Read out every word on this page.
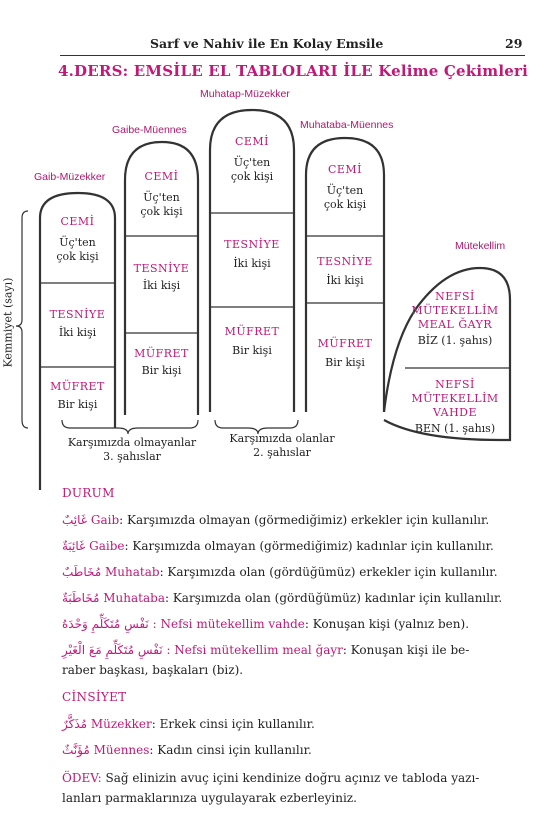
Sarf ve Nahiv ile En Kolay Emsile	29
4.DERS: EMSİLE EL TABLOLARI İLE Kelime Çekimleri
Gaib-Müzekker
Gaibe-Müennes
Muhatap-Müzekker
Muhataba-Müennes
Mütekellim
Kemmiyet (sayı)
CEMİ
Üç'ten
çok kişi
TESNİYE
İki kişi
MÜFRET
Bir kişi
CEMİ
Üç'ten
çok kişi
TESNİYE
İki kişi
MÜFRET
Bir kişi
CEMİ
Üç'ten
çok kişi
TESNİYE
İki kişi
MÜFRET
Bir kişi
CEMİ
Üç'ten
çok kişi
TESNİYE
İki kişi
MÜFRET
Bir kişi
NEFSİ
MÜTEKELLİM
MEAL ĞAYR
BİZ (1. şahıs)
NEFSİ
MÜTEKELLİM
VAHDE
BEN (1. şahıs)
Karşımızda olmayanlar
3. şahıslar
Karşımızda olanlar
2. şahıslar
DURUM
غَائِبٌ Gaib: Karşımızda olmayan (görmediğimiz) erkekler için kullanılır.
غَائِبَةٌ Gaibe: Karşımızda olmayan (görmediğimiz) kadınlar için kullanılır.
مُخَاطَبٌ Muhatab: Karşımızda olan (gördüğümüz) erkekler için kullanılır.
مُخَاطَبَةٌ Muhataba: Karşımızda olan (gördüğümüz) kadınlar için kullanılır.
نَفْسِ مُتَكَلِّمِ وَحْدَهُ : Nefsi mütekellim vahde: Konuşan kişi (yalnız ben).
نَفْسِ مُتَكَلِّمِ مَعَ الْغَيْرِ : Nefsi mütekellim meal ğayr: Konuşan kişi ile be-
raber başkası, başkaları (biz).
CİNSİYET
مُذَكَّرٌ Müzekker: Erkek cinsi için kullanılır.
مُؤَنَّثٌ Müennes: Kadın cinsi için kullanılır.
ÖDEV: Sağ elinizin avuç içini kendinize doğru açınız ve tabloda yazı-
lanları parmaklarınıza uygulayarak ezberleyiniz.
